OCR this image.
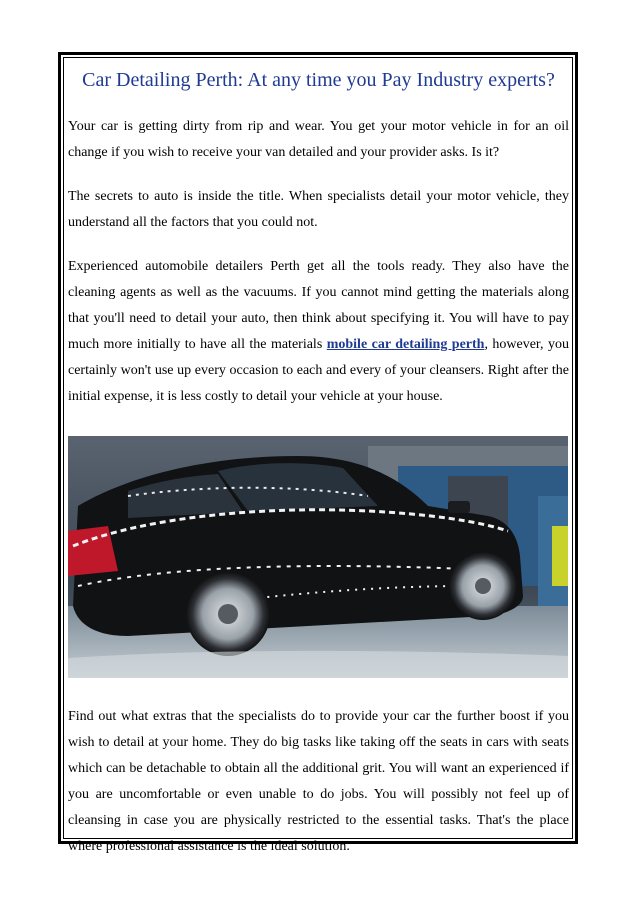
Car Detailing Perth: At any time you Pay Industry experts?

Your car is getting dirty from rip and wear. You get your motor vehicle in for an oil change if you wish to receive your van detailed and your provider asks. Is it?

The secrets to auto is inside the title. When specialists detail your motor vehicle, they understand all the factors that you could not.

Experienced automobile detailers Perth get all the tools ready. They also have the cleaning agents as well as the vacuums. If you cannot mind getting the materials along that you'll need to detail your auto, then think about specifying it. You will have to pay much more initially to have all the materials mobile car detailing perth, however, you certainly won't use up every occasion to each and every of your cleansers. Right after the initial expense, it is less costly to detail your vehicle at your house.

Find out what extras that the specialists do to provide your car the further boost if you wish to detail at your home. They do big tasks like taking off the seats in cars with seats which can be detachable to obtain all the additional grit. You will want an experienced if you are uncomfortable or even unable to do jobs. You will possibly not feel up of cleansing in case you are physically restricted to the essential tasks. That's the place where professional assistance is the ideal solution.
